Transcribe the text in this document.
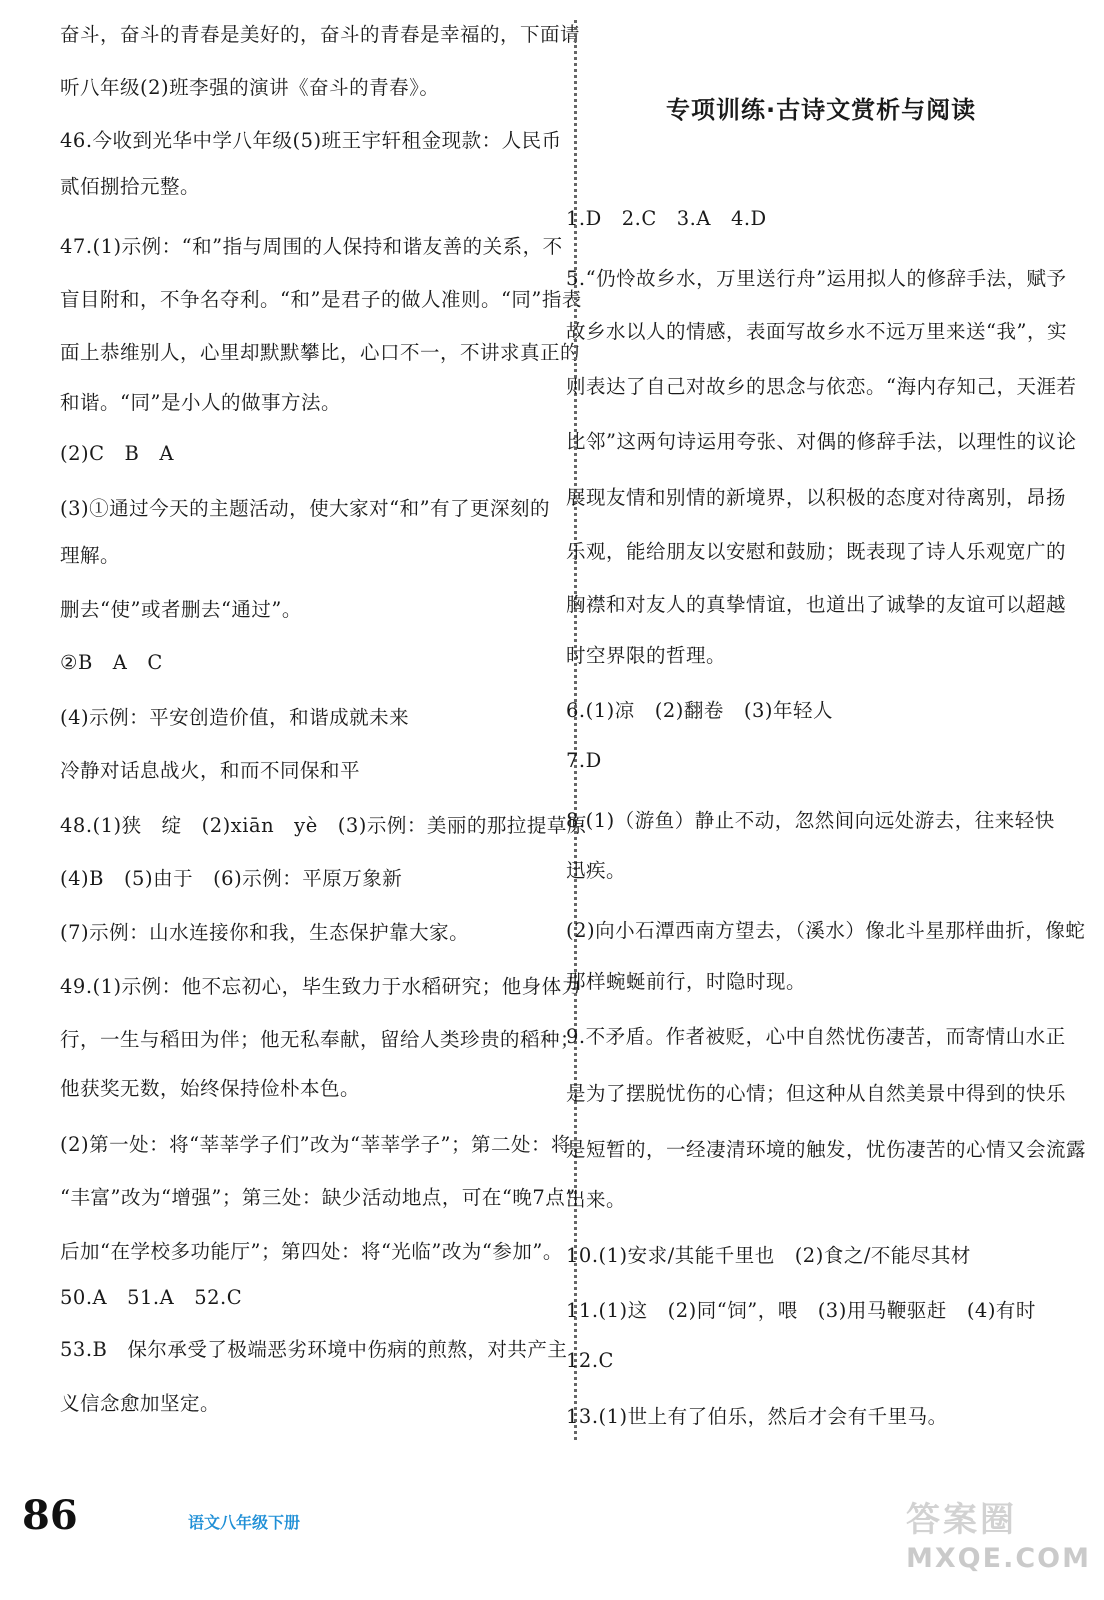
奋斗，奋斗的青春是美好的，奋斗的青春是幸福的，下面请
听八年级(2)班李强的演讲《奋斗的青春》。
46.今收到光华中学八年级(5)班王宇轩租金现款：人民币
贰佰捌拾元整。
47.(1)示例：“和”指与周围的人保持和谐友善的关系，不
盲目附和，不争名夺利。“和”是君子的做人准则。“同”指表
面上恭维别人，心里却默默攀比，心口不一，不讲求真正的
和谐。“同”是小人的做事方法。
(2)C　B　A
(3)①通过今天的主题活动，使大家对“和”有了更深刻的
理解。
删去“使”或者删去“通过”。
②B　A　C
(4)示例：平安创造价值，和谐成就未来
冷静对话息战火，和而不同保和平
48.(1)狭　绽　(2)xiān　yè　(3)示例：美丽的那拉提草原
(4)B　(5)由于　(6)示例：平原万象新
(7)示例：山水连接你和我，生态保护靠大家。
49.(1)示例：他不忘初心，毕生致力于水稻研究；他身体力
行，一生与稻田为伴；他无私奉献，留给人类珍贵的稻种；
他获奖无数，始终保持俭朴本色。
(2)第一处：将“莘莘学子们”改为“莘莘学子”；第二处：将
“丰富”改为“增强”；第三处：缺少活动地点，可在“晚7点”
后加“在学校多功能厅”；第四处：将“光临”改为“参加”。
50.A　51.A　52.C
53.B　保尔承受了极端恶劣环境中伤病的煎熬，对共产主
义信念愈加坚定。
专项训练·古诗文赏析与阅读
1.D　2.C　3.A　4.D
5.“仍怜故乡水，万里送行舟”运用拟人的修辞手法，赋予
故乡水以人的情感，表面写故乡水不远万里来送“我”，实
则表达了自己对故乡的思念与依恋。“海内存知己，天涯若
比邻”这两句诗运用夸张、对偶的修辞手法，以理性的议论
展现友情和别情的新境界，以积极的态度对待离别，昂扬
乐观，能给朋友以安慰和鼓励；既表现了诗人乐观宽广的
胸襟和对友人的真挚情谊，也道出了诚挚的友谊可以超越
时空界限的哲理。
6.(1)凉　(2)翻卷　(3)年轻人
7.D
8.(1)（游鱼）静止不动，忽然间向远处游去，往来轻快
迅疾。
(2)向小石潭西南方望去，（溪水）像北斗星那样曲折，像蛇
那样蜿蜒前行，时隐时现。
9.不矛盾。作者被贬，心中自然忧伤凄苦，而寄情山水正
是为了摆脱忧伤的心情；但这种从自然美景中得到的快乐
是短暂的，一经凄清环境的触发，忧伤凄苦的心情又会流露
出来。
10.(1)安求/其能千里也　(2)食之/不能尽其材
11.(1)这　(2)同“饲”，喂　(3)用马鞭驱赶　(4)有时
12.C
13.(1)世上有了伯乐，然后才会有千里马。
86	语文八年级下册	答案圈
MXQE.COM
